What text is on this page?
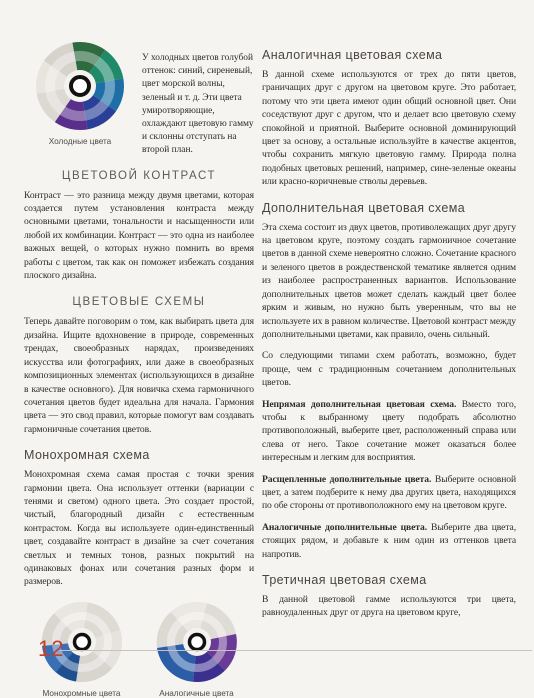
Холодные цвета
У холодных цветов голубой оттенок: синий, сиреневый, цвет морской волны, зеленый и т. д. Эти цвета умиротворяющие, охлаждают цветовую гамму и склонны отступать на второй план.
ЦВЕТОВОЙ КОНТРАСТ
Контраст — это разница между двумя цветами, которая создается путем установления контраста между основными цветами, тональности и насыщенности или любой их комбинации. Контраст — это одна из наиболее важных вещей, о которых нужно помнить во время работы с цветом, так как он поможет избежать создания плоского дизайна.
ЦВЕТОВЫЕ СХЕМЫ
Теперь давайте поговорим о том, как выбирать цвета для дизайна. Ищите вдохновение в природе, современных трендах, своеобразных нарядах, произведениях искусства или фотографиях, или даже в своеобразных композиционных элементах (использующихся в дизайне в качестве основного). Для новичка схема гармоничного сочетания цветов будет идеальна для начала. Гармония цвета — это свод правил, которые помогут вам создавать гармоничные сочетания цветов.
Монохромная схема
Монохромная схема самая простая с точки зрения гармонии цвета. Она использует оттенки (вариации с тенями и светом) одного цвета. Это создает простой, чистый, благородный дизайн с естественным контрастом. Когда вы используете один-единственный цвет, создавайте контраст в дизайне за счет сочетания светлых и темных тонов, разных покрытий на одинаковых фонах или сочетания разных форм и размеров.
Монохромные цвета	Аналогичные цвета
Аналогичная цветовая схема
В данной схеме используются от трех до пяти цветов, граничащих друг с другом на цветовом круге. Это работает, потому что эти цвета имеют один общий основной цвет. Они соседствуют друг с другом, что и делает всю цветовую схему спокойной и приятной. Выберите основной доминирующий цвет за основу, а остальные используйте в качестве акцентов, чтобы сохранить мягкую цветовую гамму. Природа полна подобных цветовых решений, например, сине-зеленые океаны или красно-коричневые стволы деревьев.
Дополнительная цветовая схема
Эта схема состоит из двух цветов, противолежащих друг другу на цветовом круге, поэтому создать гармоничное сочетание цветов в данной схеме невероятно сложно. Сочетание красного и зеленого цветов в рождественской тематике является одним из наиболее распространенных вариантов. Использование дополнительных цветов может сделать каждый цвет более ярким и живым, но нужно быть уверенным, что вы не используете их в равном количестве. Цветовой контраст между дополнительными цветами, как правило, очень сильный.
Со следующими типами схем работать, возможно, будет проще, чем с традиционным сочетанием дополнительных цветов.
Непрямая дополнительная цветовая схема. Вместо того, чтобы к выбранному цвету подобрать абсолютно противоположный, выберите цвет, расположенный справа или слева от него. Такое сочетание может оказаться более интересным и легким для восприятия.
Расщепленные дополнительные цвета. Выберите основной цвет, а затем подберите к нему два других цвета, находящихся по обе стороны от противоположного ему на цветовом круге.
Аналогичные дополнительные цвета. Выберите два цвета, стоящих рядом, и добавьте к ним один из оттенков цвета напротив.
Третичная цветовая схема
В данной цветовой гамме используются три цвета, равноудаленных друг от друга на цветовом круге,
12
